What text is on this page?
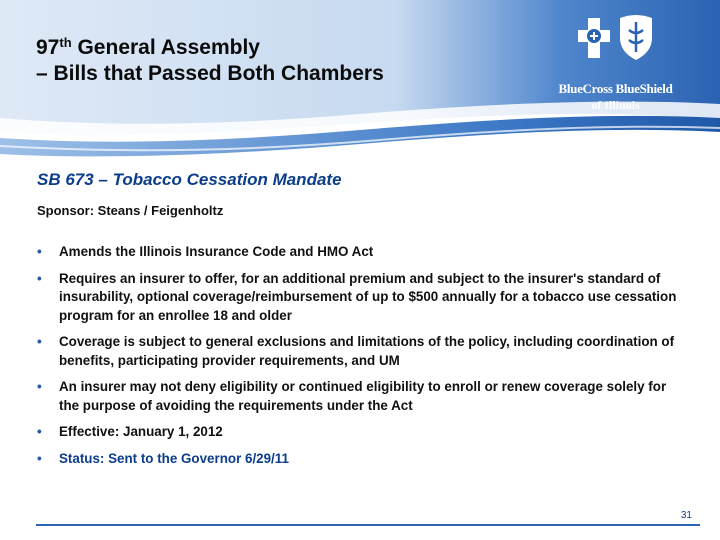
97th General Assembly
– Bills that Passed Both Chambers
BlueCross BlueShield
of Illinois
SB 673 – Tobacco Cessation Mandate
Sponsor: Steans / Feigenholtz
• Amends the Illinois Insurance Code and HMO Act
• Requires an insurer to offer, for an additional premium and subject to the insurer's standard of insurability, optional coverage/reimbursement of up to $500 annually for a tobacco use cessation program for an enrollee 18 and older
• Coverage is subject to general exclusions and limitations of the policy, including coordination of benefits, participating provider requirements, and UM
• An insurer may not deny eligibility or continued eligibility to enroll or renew coverage solely for the purpose of avoiding the requirements under the Act
• Effective: January 1, 2012
• Status: Sent to the Governor 6/29/11
31
